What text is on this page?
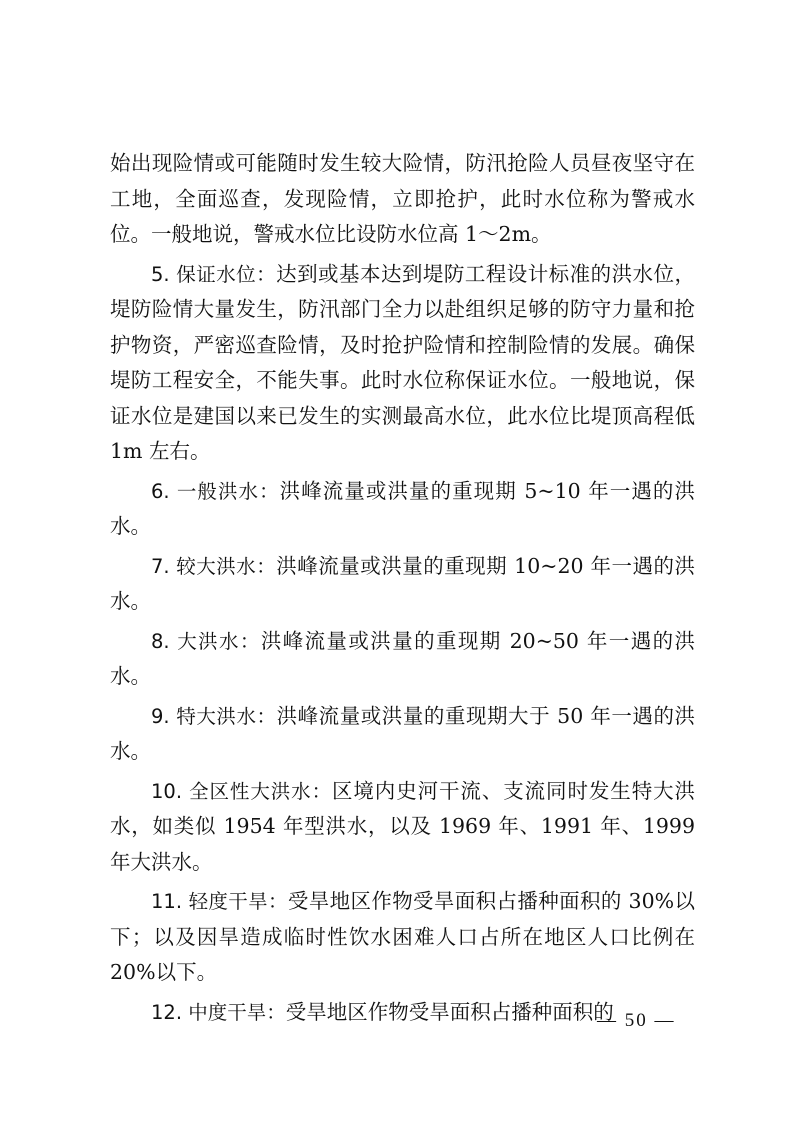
始出现险情或可能随时发生较大险情，防汛抢险人员昼夜坚守在工地，全面巡查，发现险情，立即抢护，此时水位称为警戒水位。一般地说，警戒水位比设防水位高 1～2m。

5. 保证水位：达到或基本达到堤防工程设计标准的洪水位，堤防险情大量发生，防汛部门全力以赴组织足够的防守力量和抢护物资，严密巡查险情，及时抢护险情和控制险情的发展。确保堤防工程安全，不能失事。此时水位称保证水位。一般地说，保证水位是建国以来已发生的实测最高水位，此水位比堤顶高程低 1m 左右。

6. 一般洪水：洪峰流量或洪量的重现期 5~10 年一遇的洪水。

7. 较大洪水：洪峰流量或洪量的重现期 10~20 年一遇的洪水。

8. 大洪水：洪峰流量或洪量的重现期 20~50 年一遇的洪水。

9. 特大洪水：洪峰流量或洪量的重现期大于 50 年一遇的洪水。

10. 全区性大洪水：区境内史河干流、支流同时发生特大洪水，如类似 1954 年型洪水，以及 1969 年、1991 年、1999 年大洪水。

11. 轻度干旱：受旱地区作物受旱面积占播种面积的 30%以下；以及因旱造成临时性饮水困难人口占所在地区人口比例在 20%以下。

12. 中度干旱：受旱地区作物受旱面积占播种面积的

— 50 —
